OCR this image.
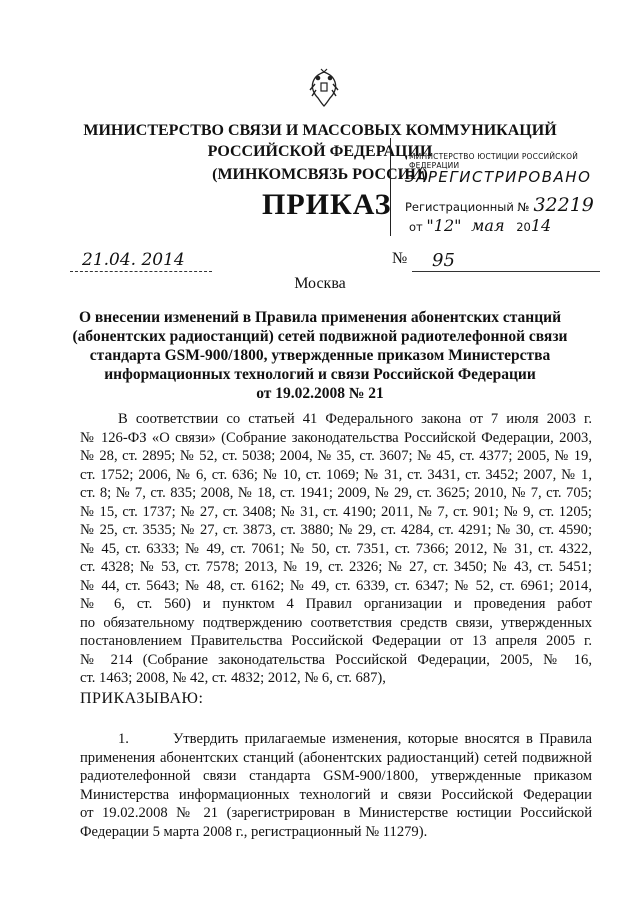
МИНИСТЕРСТВО СВЯЗИ И МАССОВЫХ КОММУНИКАЦИЙ
РОССИЙСКОЙ ФЕДЕРАЦИИ
(МИНКОМСВЯЗЬ РОССИИ)
МИНИСТЕРСТВО ЮСТИЦИИ РОССИЙСКОЙ ФЕДЕРАЦИИ
ЗАРЕГИСТРИРОВАНО
Регистрационный № 32219
от "12" мая 2014
ПРИКАЗ
21.04. 2014	№	95
Москва
О внесении изменений в Правила применения абонентских станций
(абонентских радиостанций) сетей подвижной радиотелефонной связи
стандарта GSM-900/1800, утвержденные приказом Министерства
информационных технологий и связи Российской Федерации
от 19.02.2008 № 21
В соответствии со статьей 41 Федерального закона от 7 июля 2003 г.
№ 126-ФЗ «О связи» (Собрание законодательства Российской Федерации, 2003,
№ 28, ст. 2895; № 52, ст. 5038; 2004, № 35, ст. 3607; № 45, ст. 4377; 2005, № 19,
ст. 1752; 2006, № 6, ст. 636; № 10, ст. 1069; № 31, ст. 3431, ст. 3452; 2007, № 1,
ст. 8; № 7, ст. 835; 2008, № 18, ст. 1941; 2009, № 29, ст. 3625; 2010, № 7, ст. 705;
№ 15, ст. 1737; № 27, ст. 3408; № 31, ст. 4190; 2011, № 7, ст. 901; № 9, ст. 1205;
№ 25, ст. 3535; № 27, ст. 3873, ст. 3880; № 29, ст. 4284, ст. 4291; № 30, ст. 4590;
№ 45, ст. 6333; № 49, ст. 7061; № 50, ст. 7351, ст. 7366; 2012, № 31, ст. 4322,
ст. 4328; № 53, ст. 7578; 2013, № 19, ст. 2326; № 27, ст. 3450; № 43, ст. 5451;
№ 44, ст. 5643; № 48, ст. 6162; № 49, ст. 6339, ст. 6347; № 52, ст. 6961; 2014,
№ 6, ст. 560) и пунктом 4 Правил организации и проведения работ
по обязательному подтверждению соответствия средств связи, утвержденных
постановлением Правительства Российской Федерации от 13 апреля 2005 г.
№ 214 (Собрание законодательства Российской Федерации, 2005, № 16,
ст. 1463; 2008, № 42, ст. 4832; 2012, № 6, ст. 687),
ПРИКАЗЫВАЮ:
1.       Утвердить прилагаемые изменения, которые вносятся в Правила
применения абонентских станций (абонентских радиостанций) сетей подвижной
радиотелефонной связи стандарта GSM-900/1800, утвержденные приказом
Министерства информационных технологий и связи Российской Федерации
от 19.02.2008 № 21 (зарегистрирован в Министерстве юстиции Российской
Федерации 5 марта 2008 г., регистрационный № 11279).
